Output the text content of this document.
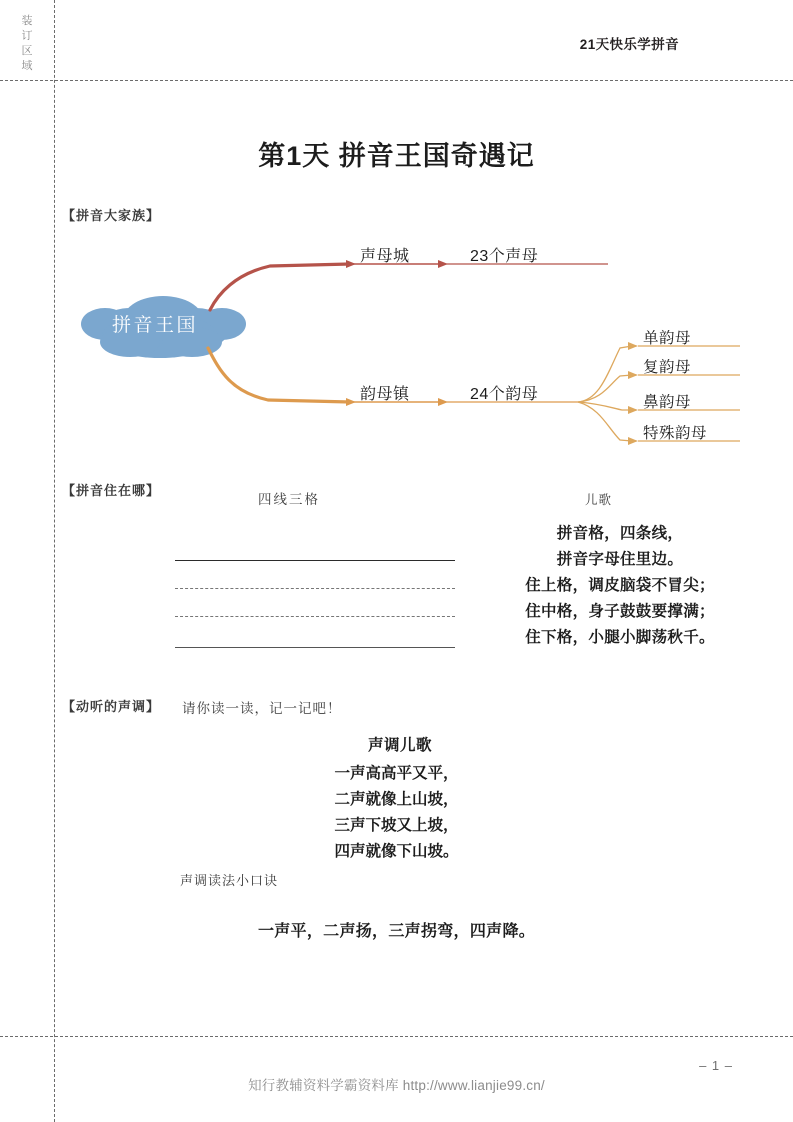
装
订
区
域
21天快乐学拼音
第1天 拼音王国奇遇记
【拼音大家族】
拼音王国
声母城	23个声母
韵母镇	24个韵母
单韵母
复韵母
鼻韵母
特殊韵母
【拼音住在哪】
四线三格	儿歌
拼音格，四条线，
拼音字母住里边。
住上格，调皮脑袋不冒尖；
住中格，身子鼓鼓要撑满；
住下格，小腿小脚荡秋千。
【动听的声调】 请你读一读，记一记吧！
声调儿歌
一声高高平又平，
二声就像上山坡，
三声下坡又上坡，
四声就像下山坡。
声调读法小口诀
一声平，二声扬，三声拐弯，四声降。
知行教辅资料学霸资料库 http://www.lianjie99.cn/
– 1 –
